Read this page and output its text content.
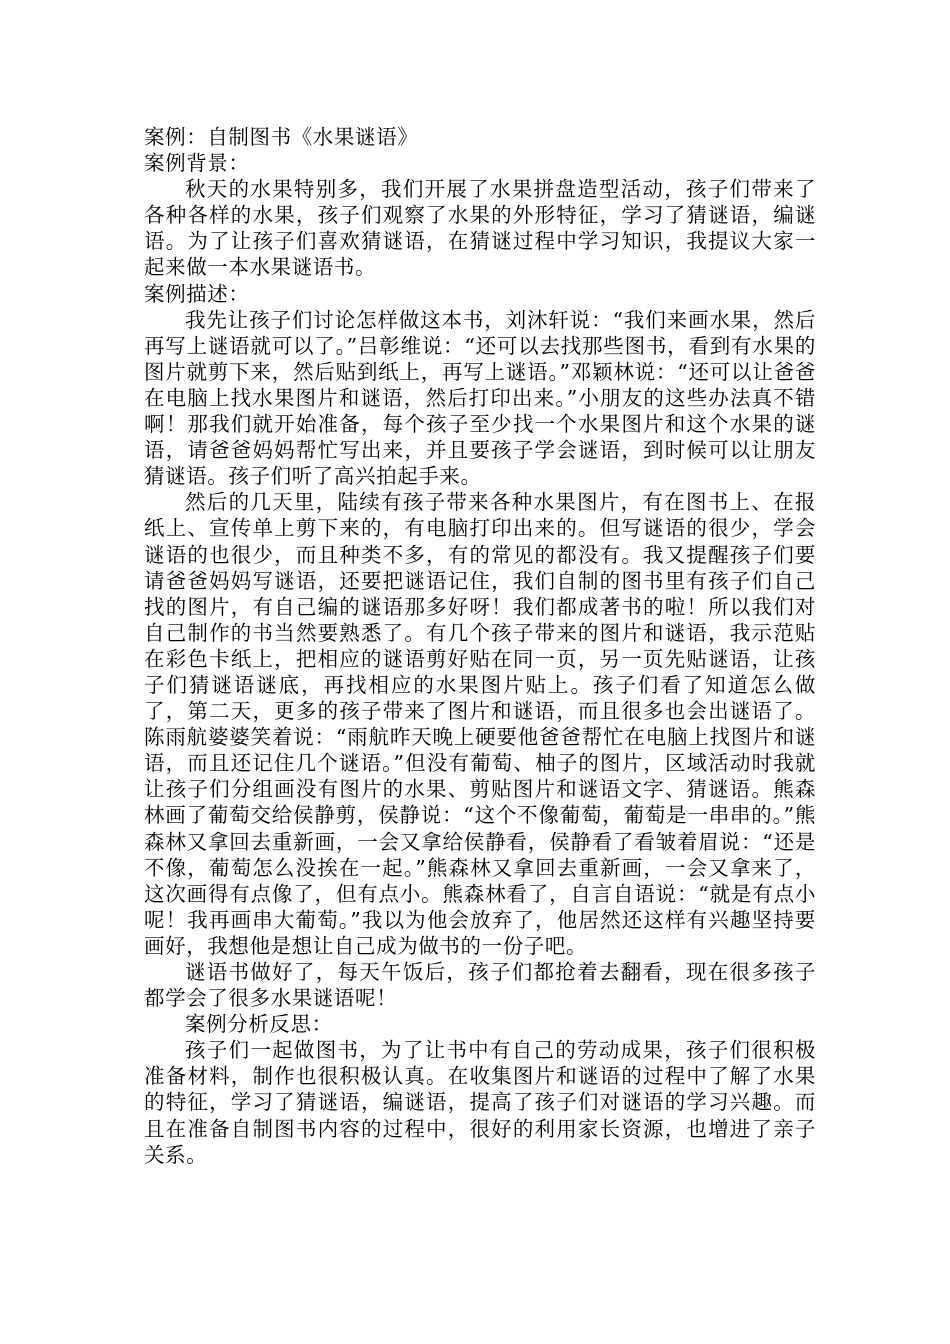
案例：自制图书《水果谜语》

案例背景：

秋天的水果特别多，我们开展了水果拼盘造型活动，孩子们带来了各种各样的水果，孩子们观察了水果的外形特征，学习了猜谜语，编谜语。为了让孩子们喜欢猜谜语，在猜谜过程中学习知识，我提议大家一起来做一本水果谜语书。

案例描述：

我先让孩子们讨论怎样做这本书，刘沐轩说：“我们来画水果，然后再写上谜语就可以了。”吕彰维说：“还可以去找那些图书，看到有水果的图片就剪下来，然后贴到纸上，再写上谜语。”邓颖林说：“还可以让爸爸在电脑上找水果图片和谜语，然后打印出来。”小朋友的这些办法真不错啊！那我们就开始准备，每个孩子至少找一个水果图片和这个水果的谜语，请爸爸妈妈帮忙写出来，并且要孩子学会谜语，到时候可以让朋友猜谜语。孩子们听了高兴拍起手来。

然后的几天里，陆续有孩子带来各种水果图片，有在图书上、在报纸上、宣传单上剪下来的，有电脑打印出来的。但写谜语的很少，学会谜语的也很少，而且种类不多，有的常见的都没有。我又提醒孩子们要请爸爸妈妈写谜语，还要把谜语记住，我们自制的图书里有孩子们自己找的图片，有自己编的谜语那多好呀！我们都成著书的啦！所以我们对自己制作的书当然要熟悉了。有几个孩子带来的图片和谜语，我示范贴在彩色卡纸上，把相应的谜语剪好贴在同一页，另一页先贴谜语，让孩子们猜谜语谜底，再找相应的水果图片贴上。孩子们看了知道怎么做了，第二天，更多的孩子带来了图片和谜语，而且很多也会出谜语了。陈雨航婆婆笑着说：“雨航昨天晚上硬要他爸爸帮忙在电脑上找图片和谜语，而且还记住几个谜语。”但没有葡萄、柚子的图片，区域活动时我就让孩子们分组画没有图片的水果、剪贴图片和谜语文字、猜谜语。熊森林画了葡萄交给侯静剪，侯静说：“这个不像葡萄，葡萄是一串串的。”熊森林又拿回去重新画，一会又拿给侯静看，侯静看了看皱着眉说：“还是不像，葡萄怎么没挨在一起。”熊森林又拿回去重新画，一会又拿来了，这次画得有点像了，但有点小。熊森林看了，自言自语说：“就是有点小呢！我再画串大葡萄。”我以为他会放弃了，他居然还这样有兴趣坚持要画好，我想他是想让自己成为做书的一份子吧。

谜语书做好了，每天午饭后，孩子们都抢着去翻看，现在很多孩子都学会了很多水果谜语呢！

案例分析反思：

孩子们一起做图书，为了让书中有自己的劳动成果，孩子们很积极准备材料，制作也很积极认真。在收集图片和谜语的过程中了解了水果的特征，学习了猜谜语，编谜语，提高了孩子们对谜语的学习兴趣。而且在准备自制图书内容的过程中，很好的利用家长资源，也增进了亲子关系。
